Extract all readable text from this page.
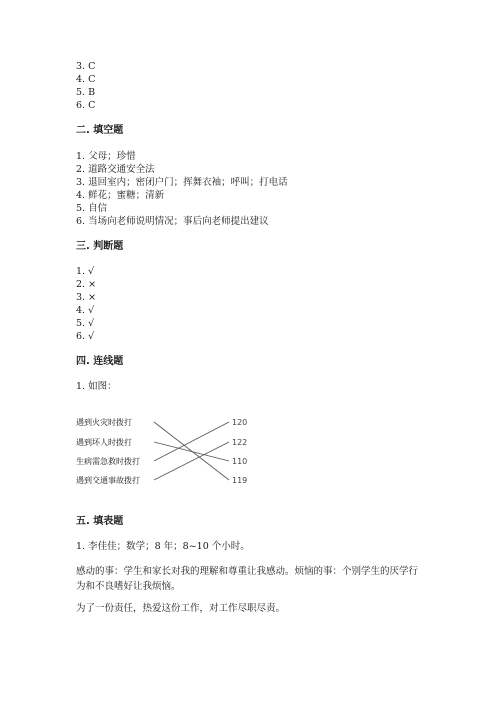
3. C
4. C
5. B
6. C
二. 填空题
1. 父母；珍惜
2. 道路交通安全法
3. 退回室内；密闭户门；挥舞衣袖；呼叫；打电话
4. 鲜花；蜜糖；清新
5. 自信
6. 当场向老师说明情况；事后向老师提出建议
三. 判断题
1. √
2. ×
3. ×
4. √
5. √
6. √
四. 连线题
1. 如图：
遇到火灾时拨打
遇到坏人时拨打
生病需急救时拨打
遇到交通事故拨打
120
122
110
119
五. 填表题
1. 李佳佳；数学；8 年；8~10 个小时。
感动的事：学生和家长对我的理解和尊重让我感动。烦恼的事：个别学生的厌学行为和不良嗜好让我烦恼。
为了一份责任，热爱这份工作，对工作尽职尽责。
